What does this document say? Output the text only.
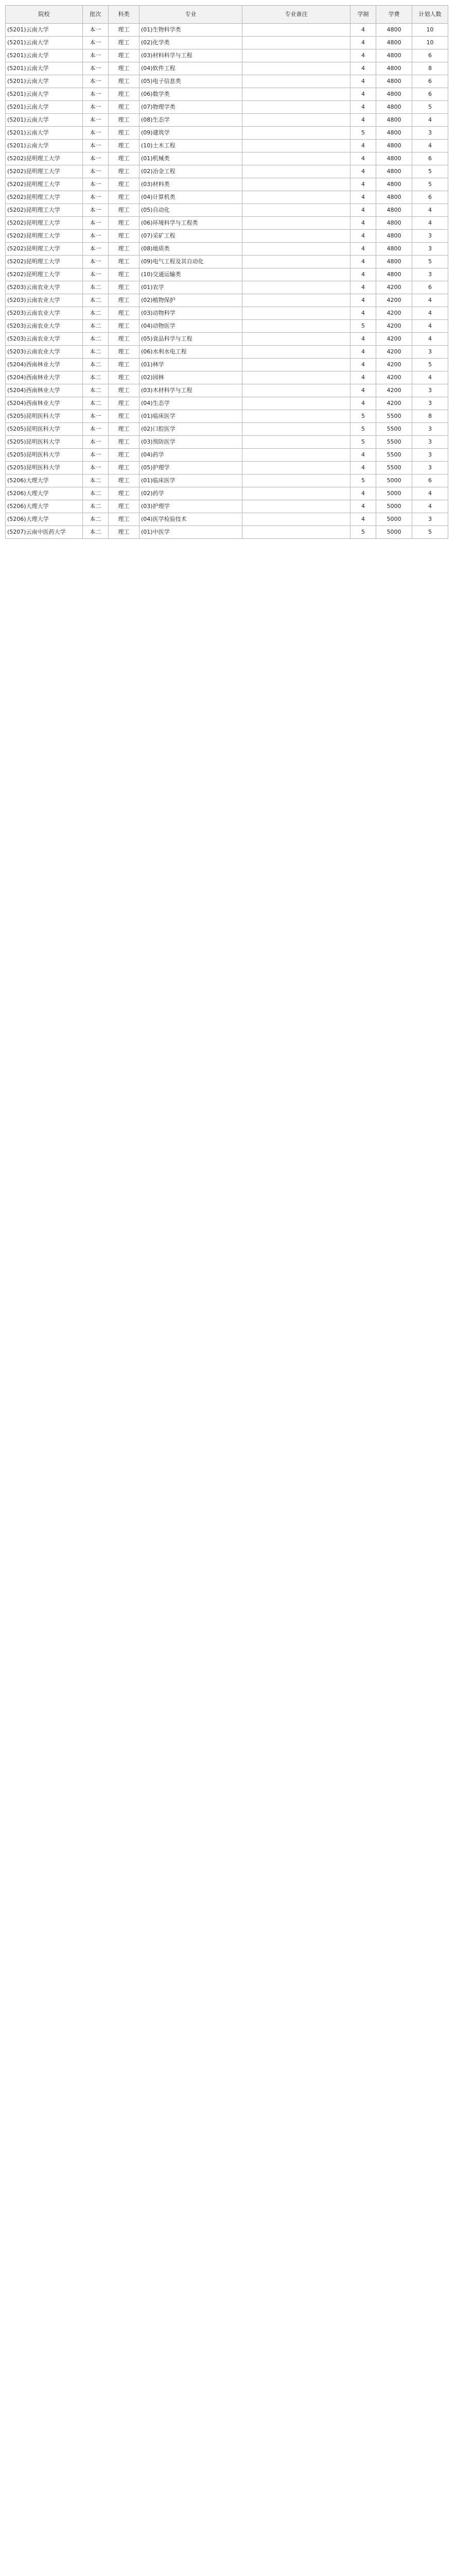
院校	批次	科类	专业	专业备注	学制	学费	计划人数
(5201)云南大学	本一	理工	(01)生物科学类		4	4800	10
(5201)云南大学	本一	理工	(02)化学类		4	4800	10
(5201)云南大学	本一	理工	(03)材料科学与工程		4	4800	6
(5201)云南大学	本一	理工	(04)软件工程		4	4800	8
(5201)云南大学	本一	理工	(05)电子信息类		4	4800	6
(5201)云南大学	本一	理工	(06)数学类		4	4800	6
(5201)云南大学	本一	理工	(07)物理学类		4	4800	5
(5201)云南大学	本一	理工	(08)生态学		4	4800	4
(5201)云南大学	本一	理工	(09)建筑学		5	4800	3
(5201)云南大学	本一	理工	(10)土木工程		4	4800	4
(5202)昆明理工大学	本一	理工	(01)机械类		4	4800	6
(5202)昆明理工大学	本一	理工	(02)冶金工程		4	4800	5
(5202)昆明理工大学	本一	理工	(03)材料类		4	4800	5
(5202)昆明理工大学	本一	理工	(04)计算机类		4	4800	6
(5202)昆明理工大学	本一	理工	(05)自动化		4	4800	4
(5202)昆明理工大学	本一	理工	(06)环境科学与工程类		4	4800	4
(5202)昆明理工大学	本一	理工	(07)采矿工程		4	4800	3
(5202)昆明理工大学	本一	理工	(08)地质类		4	4800	3
(5202)昆明理工大学	本一	理工	(09)电气工程及其自动化		4	4800	5
(5202)昆明理工大学	本一	理工	(10)交通运输类		4	4800	3
(5203)云南农业大学	本二	理工	(01)农学		4	4200	6
(5203)云南农业大学	本二	理工	(02)植物保护		4	4200	4
(5203)云南农业大学	本二	理工	(03)动物科学		4	4200	4
(5203)云南农业大学	本二	理工	(04)动物医学		5	4200	4
(5203)云南农业大学	本二	理工	(05)食品科学与工程		4	4200	4
(5203)云南农业大学	本二	理工	(06)水利水电工程		4	4200	3
(5204)西南林业大学	本二	理工	(01)林学		4	4200	5
(5204)西南林业大学	本二	理工	(02)园林		4	4200	4
(5204)西南林业大学	本二	理工	(03)木材科学与工程		4	4200	3
(5204)西南林业大学	本二	理工	(04)生态学		4	4200	3
(5205)昆明医科大学	本一	理工	(01)临床医学		5	5500	8
(5205)昆明医科大学	本一	理工	(02)口腔医学		5	5500	3
(5205)昆明医科大学	本一	理工	(03)预防医学		5	5500	3
(5205)昆明医科大学	本一	理工	(04)药学		4	5500	3
(5205)昆明医科大学	本一	理工	(05)护理学		4	5500	3
(5206)大理大学	本二	理工	(01)临床医学		5	5000	6
(5206)大理大学	本二	理工	(02)药学		4	5000	4
(5206)大理大学	本二	理工	(03)护理学		4	5000	4
(5206)大理大学	本二	理工	(04)医学检验技术		4	5000	3
(5207)云南中医药大学	本二	理工	(01)中医学		5	5000	5
